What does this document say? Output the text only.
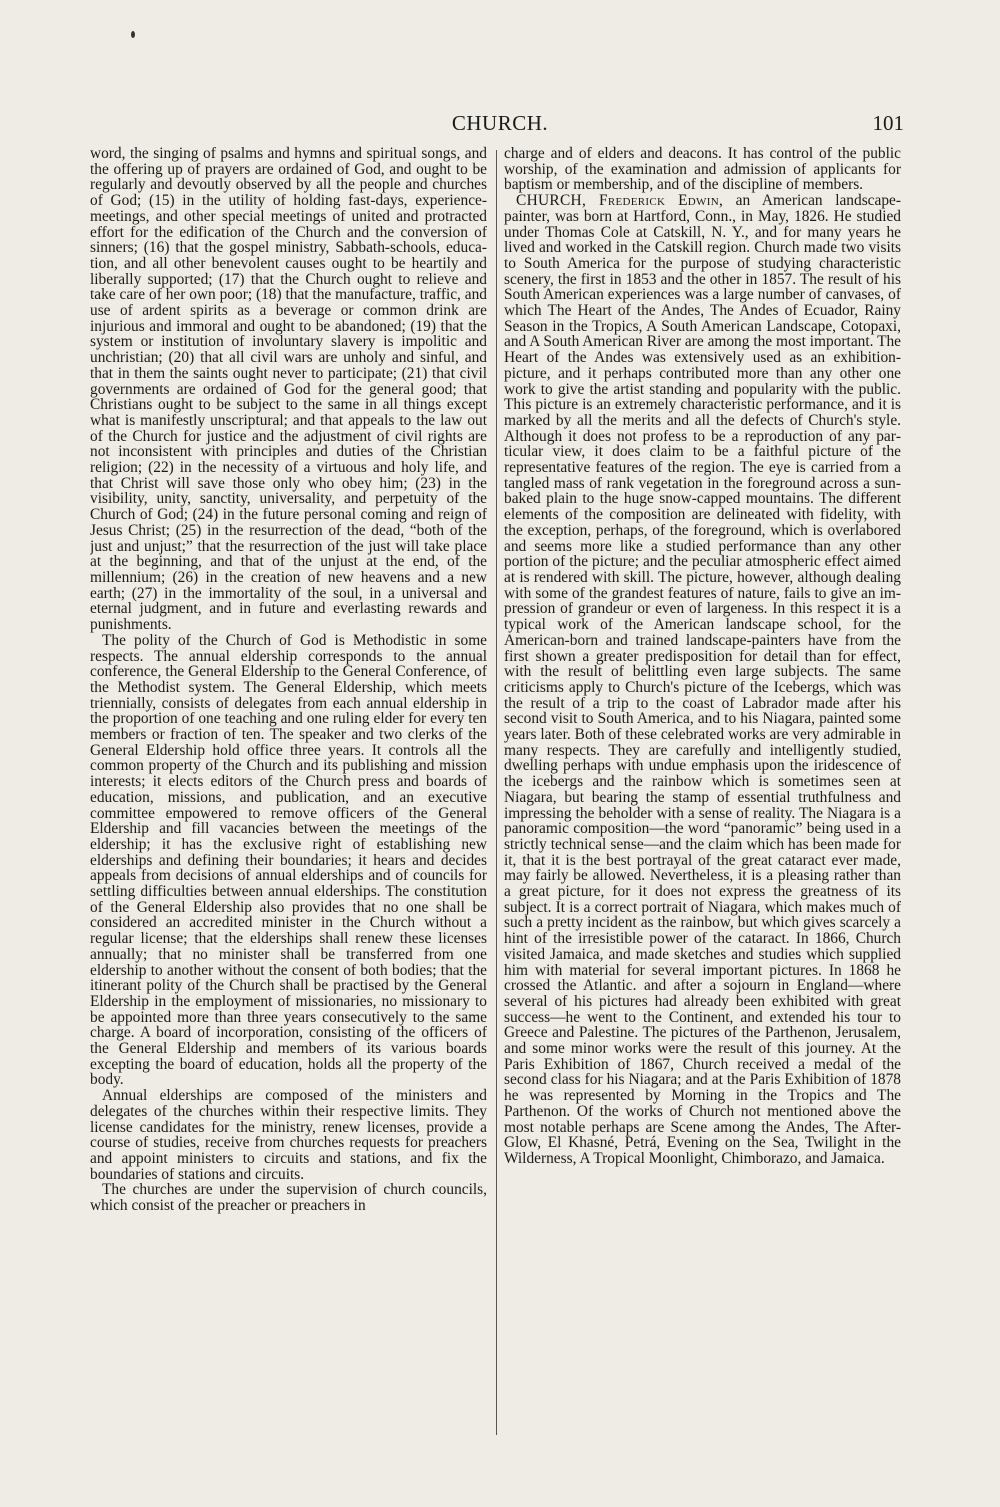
CHURCH.	101

word, the singing of psalms and hymns and spiritual songs, and the offering up of prayers are ordained of God, and ought to be regularly and devoutly observed by all the people and churches of God; (15) in the utility of holding fast-days, experience-meetings, and other special meetings of united and protracted effort for the edification of the Church and the conversion of sinners; (16) that the gospel ministry, Sabbath-schools, education, and all other benevolent causes ought to be heartily and liberally supported; (17) that the Church ought to relieve and take care of her own poor; (18) that the manufacture, traffic, and use of ardent spirits as a beverage or common drink are injurious and immoral and ought to be abandoned; (19) that the system or institution of involuntary slavery is impolitic and unchristian; (20) that all civil wars are unholy and sinful, and that in them the saints ought never to participate; (21) that civil governments are ordained of God for the general good; that Christians ought to be subject to the same in all things except what is manifestly unscriptural; and that appeals to the law out of the Church for justice and the adjustment of civil rights are not inconsistent with principles and duties of the Christian religion; (22) in the necessity of a virtuous and holy life, and that Christ will save those only who obey him; (23) in the visibility, unity, sanctity, universality, and perpetuity of the Church of God; (24) in the future personal coming and reign of Jesus Christ; (25) in the resurrection of the dead, “both of the just and unjust;” that the resurrection of the just will take place at the beginning, and that of the unjust at the end, of the millennium; (26) in the creation of new heavens and a new earth; (27) in the immortality of the soul, in a universal and eternal judgment, and in future and everlasting rewards and punishments.

The polity of the Church of God is Methodistic in some respects. The annual eldership corresponds to the annual conference, the General Eldership to the General Conference, of the Methodist system. The General Eldership, which meets triennially, consists of delegates from each annual eldership in the proportion of one teaching and one ruling elder for every ten members or fraction of ten. The speaker and two clerks of the General Eldership hold office three years. It controls all the common property of the Church and its publishing and mission interests; it elects editors of the Church press and boards of education, missions, and publication, and an executive committee empowered to remove officers of the General Eldership and fill vacancies between the meetings of the eldership; it has the exclusive right of establishing new elderships and defining their boundaries; it hears and decides appeals from decisions of annual elderships and of councils for settling difficulties between annual elderships. The constitution of the General Eldership also provides that no one shall be considered an accredited minister in the Church without a regular license; that the elderships shall renew these licenses annually; that no minister shall be transferred from one eldership to another without the consent of both bodies; that the itinerant polity of the Church shall be practised by the General Eldership in the employment of missionaries, no missionary to be appointed more than three years consecutively to the same charge. A board of incorporation, consisting of the officers of the General Eldership and members of its various boards excepting the board of education, holds all the property of the body.

Annual elderships are composed of the ministers and delegates of the churches within their respective limits. They license candidates for the ministry, renew licenses, provide a course of studies, receive from churches requests for preachers and appoint ministers to circuits and stations, and fix the boundaries of stations and circuits.

The churches are under the supervision of church councils, which consist of the preacher or preachers in

charge and of elders and deacons. It has control of the public worship, of the examination and admission of applicants for baptism or membership, and of the discipline of members.

CHURCH, Frederick Edwin, an American landscape-painter, was born at Hartford, Conn., in May, 1826. He studied under Thomas Cole at Catskill, N. Y., and for many years he lived and worked in the Catskill region. Church made two visits to South America for the purpose of studying characteristic scenery, the first in 1853 and the other in 1857. The result of his South American experiences was a large number of canvases, of which The Heart of the Andes, The Andes of Ecuador, Rainy Season in the Tropics, A South American Landscape, Cotopaxi, and A South American River are among the most important. The Heart of the Andes was extensively used as an exhibition-picture, and it perhaps contributed more than any other one work to give the artist standing and popularity with the public. This picture is an extremely characteristic performance, and it is marked by all the merits and all the defects of Church's style. Although it does not profess to be a reproduction of any particular view, it does claim to be a faithful picture of the representative features of the region. The eye is carried from a tangled mass of rank vegetation in the foreground across a sun-baked plain to the huge snow-capped mountains. The different elements of the composition are delineated with fidelity, with the exception, perhaps, of the foreground, which is overlabored and seems more like a studied performance than any other portion of the picture; and the peculiar atmospheric effect aimed at is rendered with skill. The picture, however, although dealing with some of the grandest features of nature, fails to give an impression of grandeur or even of largeness. In this respect it is a typical work of the American landscape school, for the American-born and trained landscape-painters have from the first shown a greater predisposition for detail than for effect, with the result of belittling even large subjects. The same criticisms apply to Church's picture of the Icebergs, which was the result of a trip to the coast of Labrador made after his second visit to South America, and to his Niagara, painted some years later. Both of these celebrated works are very admirable in many respects. They are carefully and intelligently studied, dwelling perhaps with undue emphasis upon the iridescence of the icebergs and the rainbow which is sometimes seen at Niagara, but bearing the stamp of essential truthfulness and impressing the beholder with a sense of reality. The Niagara is a panoramic composition—the word “panoramic” being used in a strictly technical sense—and the claim which has been made for it, that it is the best portrayal of the great cataract ever made, may fairly be allowed. Nevertheless, it is a pleasing rather than a great picture, for it does not express the greatness of its subject. It is a correct portrait of Niagara, which makes much of such a pretty incident as the rainbow, but which gives scarcely a hint of the irresistible power of the cataract. In 1866, Church visited Jamaica, and made sketches and studies which supplied him with material for several important pictures. In 1868 he crossed the Atlantic. and after a sojourn in England—where several of his pictures had already been exhibited with great success—he went to the Continent, and extended his tour to Greece and Palestine. The pictures of the Parthenon, Jerusalem, and some minor works were the result of this journey. At the Paris Exhibition of 1867, Church received a medal of the second class for his Niagara; and at the Paris Exhibition of 1878 he was represented by Morning in the Tropics and The Parthenon. Of the works of Church not mentioned above the most notable perhaps are Scene among the Andes, The After-Glow, El Khasné, Petrá, Evening on the Sea, Twilight in the Wilderness, A Tropical Moonlight, Chimborazo, and Jamaica.
